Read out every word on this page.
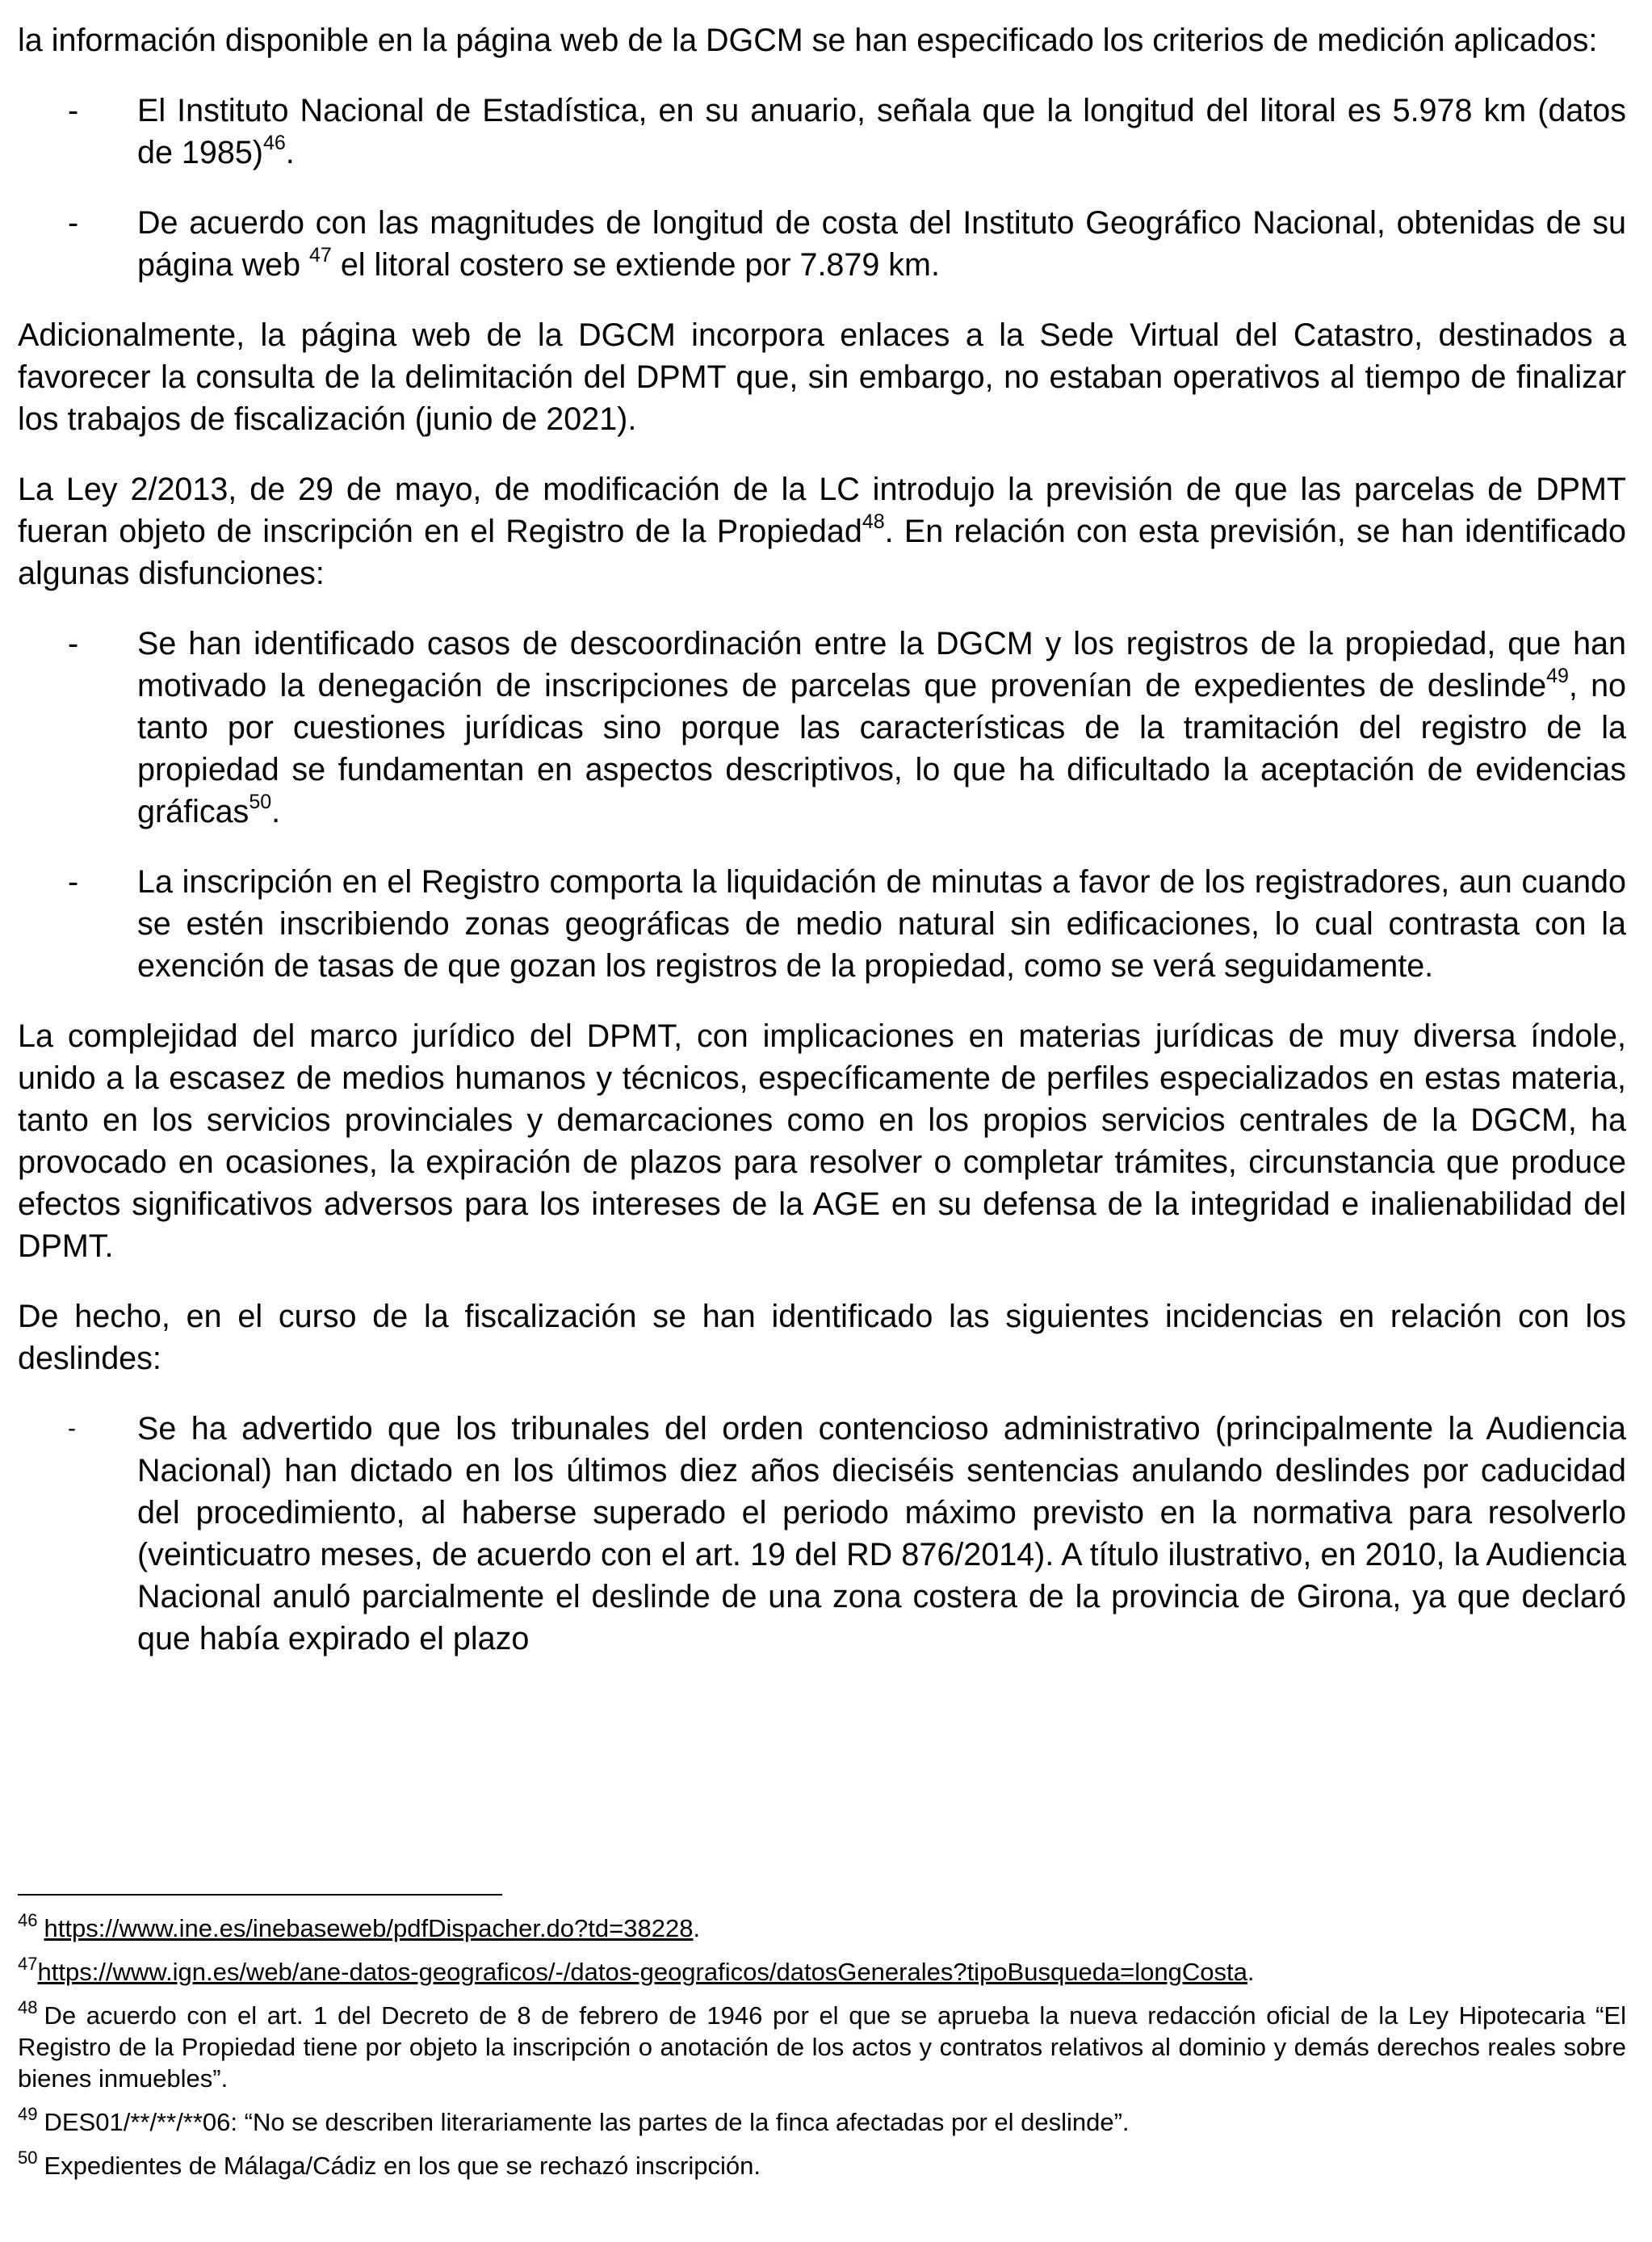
la información disponible en la página web de la DGCM se han especificado los criterios de medición aplicados:

- El Instituto Nacional de Estadística, en su anuario, señala que la longitud del litoral es 5.978 km (datos de 1985)$^{46}$.
- De acuerdo con las magnitudes de longitud de costa del Instituto Geográfico Nacional, obtenidas de su página web $^{47}$ el litoral costero se extiende por 7.879 km.

Adicionalmente, la página web de la DGCM incorpora enlaces a la Sede Virtual del Catastro, destinados a favorecer la consulta de la delimitación del DPMT que, sin embargo, no estaban operativos al tiempo de finalizar los trabajos de fiscalización (junio de 2021).

La Ley 2/2013, de 29 de mayo, de modificación de la LC introdujo la previsión de que las parcelas de DPMT fueran objeto de inscripción en el Registro de la Propiedad$^{48}$. En relación con esta previsión, se han identificado algunas disfunciones:

- Se han identificado casos de descoordinación entre la DGCM y los registros de la propiedad, que han motivado la denegación de inscripciones de parcelas que provenían de expedientes de deslinde$^{49}$, no tanto por cuestiones jurídicas sino porque las características de la tramitación del registro de la propiedad se fundamentan en aspectos descriptivos, lo que ha dificultado la aceptación de evidencias gráficas$^{50}$.
- La inscripción en el Registro comporta la liquidación de minutas a favor de los registradores, aun cuando se estén inscribiendo zonas geográficas de medio natural sin edificaciones, lo cual contrasta con la exención de tasas de que gozan los registros de la propiedad, como se verá seguidamente.

La complejidad del marco jurídico del DPMT, con implicaciones en materias jurídicas de muy diversa índole, unido a la escasez de medios humanos y técnicos, específicamente de perfiles especializados en estas materia, tanto en los servicios provinciales y demarcaciones como en los propios servicios centrales de la DGCM, ha provocado en ocasiones, la expiración de plazos para resolver o completar trámites, circunstancia que produce efectos significativos adversos para los intereses de la AGE en su defensa de la integridad e inalienabilidad del DPMT.

De hecho, en el curso de la fiscalización se han identificado las siguientes incidencias en relación con los deslindes:

- Se ha advertido que los tribunales del orden contencioso administrativo (principalmente la Audiencia Nacional) han dictado en los últimos diez años dieciséis sentencias anulando deslindes por caducidad del procedimiento, al haberse superado el periodo máximo previsto en la normativa para resolverlo (veinticuatro meses, de acuerdo con el art. 19 del RD 876/2014). A título ilustrativo, en 2010, la Audiencia Nacional anuló parcialmente el deslinde de una zona costera de la provincia de Girona, ya que declaró que había expirado el plazo
$^{46}$ https://www.ine.es/inebaseweb/pdfDispacher.do?td=38228.
$^{47}$https://www.ign.es/web/ane-datos-geograficos/-/datos-geograficos/datosGenerales?tipoBusqueda=longCosta.
$^{48}$ De acuerdo con el art. 1 del Decreto de 8 de febrero de 1946 por el que se aprueba la nueva redacción oficial de la Ley Hipotecaria “El Registro de la Propiedad tiene por objeto la inscripción o anotación de los actos y contratos relativos al dominio y demás derechos reales sobre bienes inmuebles”.
$^{49}$ DES01/**/**/**06: “No se describen literariamente las partes de la finca afectadas por el deslinde”.
$^{50}$ Expedientes de Málaga/Cádiz en los que se rechazó inscripción.
